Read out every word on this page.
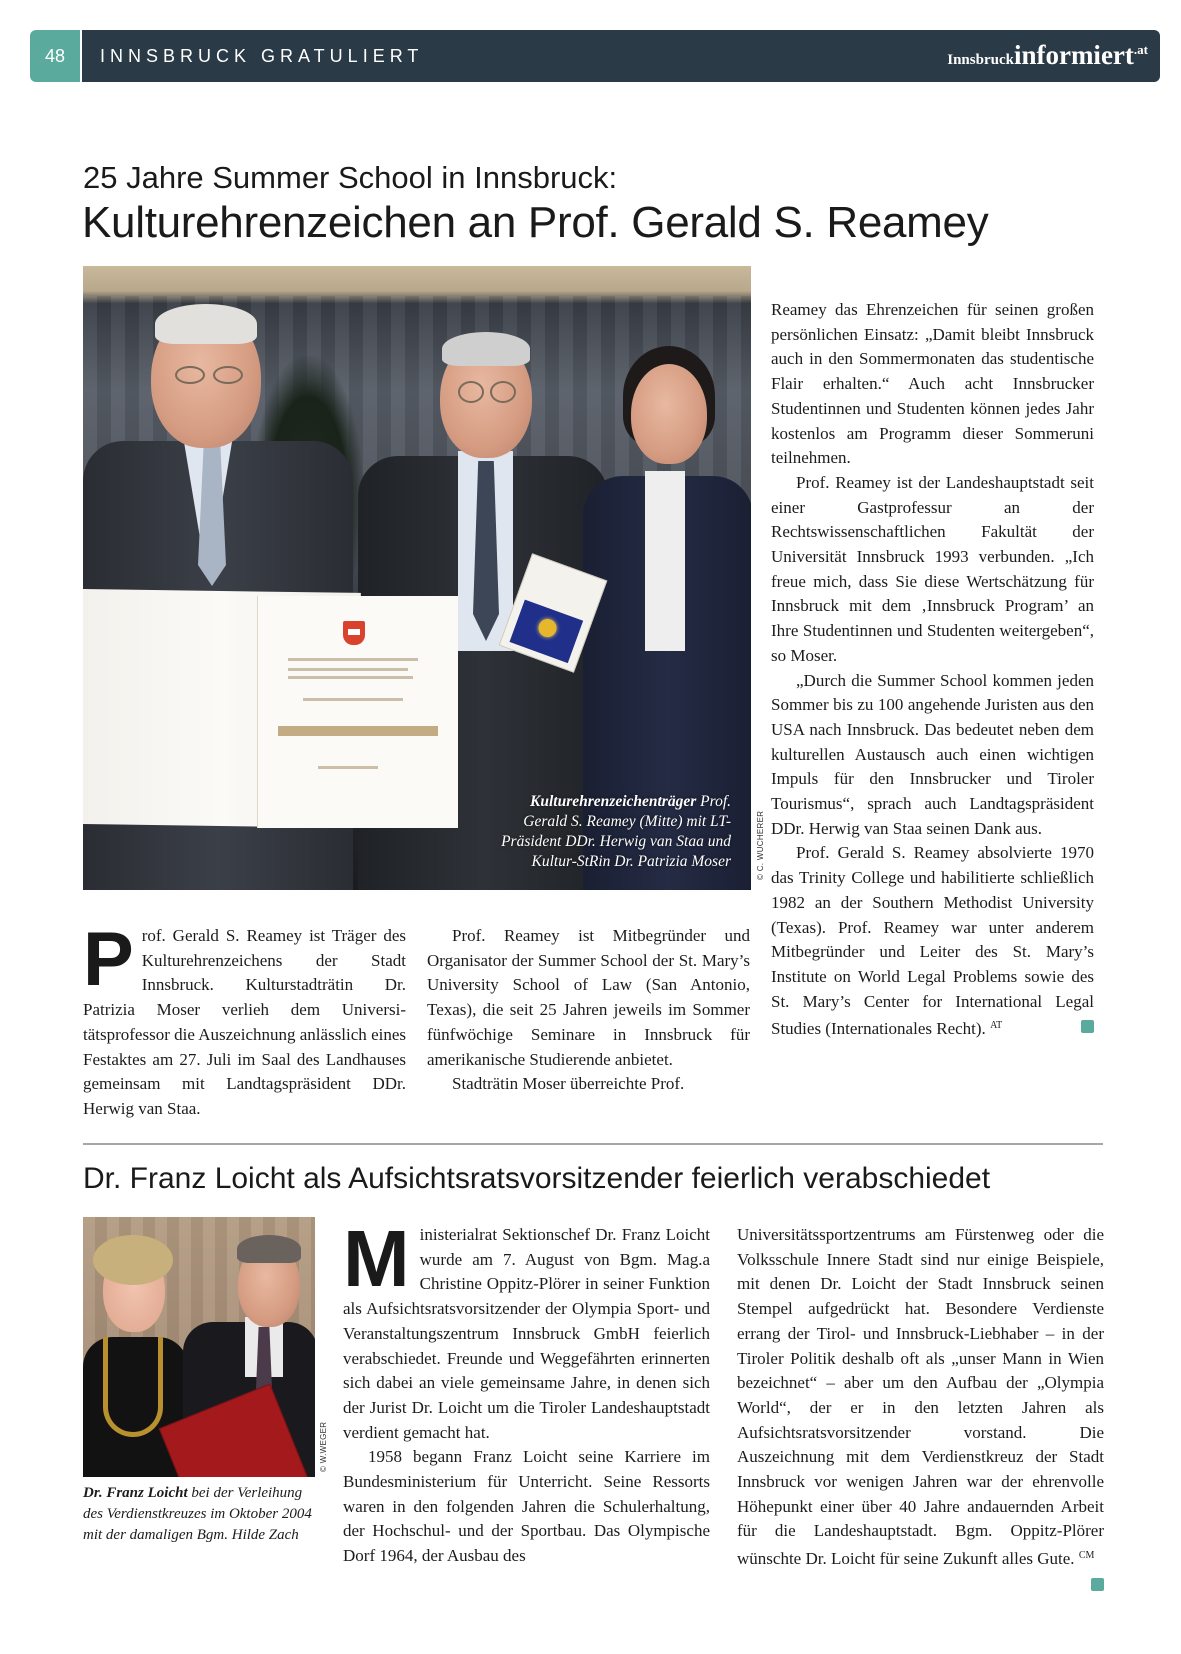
48	INNSBRUCK GRATULIERT	Innsbruckinformiert$^{.at}$
25 Jahre Summer School in Innsbruck:
Kulturehrenzeichen an Prof. Gerald S. Reamey
Kulturehrenzeichenträger Prof.
Gerald S. Reamey (Mitte) mit LT-
Präsident DDr. Herwig van Staa und
Kultur-StRin Dr. Patrizia Moser	© C. WUCHERER

Prof. Gerald S. Reamey ist Träger des Kulturehrenzeichens der Stadt Innsbruck. Kulturstadträtin Dr. Patrizia Moser verlieh dem Universitätsprofessor die Auszeichnung anlässlich eines Festaktes am 27. Juli im Saal des Landhauses gemeinsam mit Landtagspräsident DDr. Herwig van Staa.

Prof. Reamey ist Mitbegründer und Organisator der Summer School der St. Mary’s University School of Law (San Antonio, Texas), die seit 25 Jahren jeweils im Sommer fünfwöchige Seminare in Innsbruck für amerikanische Studierende anbietet.

Stadträtin Moser überreichte Prof.

Reamey das Ehrenzeichen für seinen großen persönlichen Einsatz: „Damit bleibt Innsbruck auch in den Sommermonaten das studentische Flair erhalten.“ Auch acht Innsbrucker Studentinnen und Studenten können jedes Jahr kostenlos am Programm dieser Sommeruni teilnehmen.

Prof. Reamey ist der Landeshauptstadt seit einer Gastprofessur an der Rechtswissenschaftlichen Fakultät der Universität Innsbruck 1993 verbunden. „Ich freue mich, dass Sie diese Wertschätzung für Innsbruck mit dem ‚Innsbruck Program’ an Ihre Studentinnen und Studenten weitergeben“, so Moser.

„Durch die Summer School kommen jeden Sommer bis zu 100 angehende Juristen aus den USA nach Innsbruck. Das bedeutet neben dem kulturellen Austausch auch einen wichtigen Impuls für den Innsbrucker und Tiroler Tourismus“, sprach auch Landtagspräsident DDr. Herwig van Staa seinen Dank aus.

Prof. Gerald S. Reamey absolvierte 1970 das Trinity College und habilitierte schließlich 1982 an der Southern Methodist University (Texas). Prof. Reamey war unter anderem Mitbegründer und Leiter des St. Mary’s Institute on World Legal Problems sowie des St. Mary’s Center for International Legal Studies (Internationales Recht). $^{AT}$

Dr. Franz Loicht als Aufsichtsratsvorsitzender feierlich verabschiedet
© W.WEGER
Dr. Franz Loicht bei der Verleihung des Verdienstkreuzes im Oktober 2004 mit der damaligen Bgm. Hilde Zach

Ministerialrat Sektionschef Dr. Franz Loicht wurde am 7. August von Bgm. Mag.a Christine Oppitz-Plörer in seiner Funktion als Aufsichtsratsvorsitzender der Olympia Sport- und Veranstaltungszentrum Innsbruck GmbH feierlich verabschiedet. Freunde und Weggefährten erinnerten sich dabei an viele gemeinsame Jahre, in denen sich der Jurist Dr. Loicht um die Tiroler Landeshauptstadt verdient gemacht hat.

1958 begann Franz Loicht seine Karriere im Bundesministerium für Unterricht. Seine Ressorts waren in den folgenden Jahren die Schulerhaltung, der Hochschul- und der Sportbau. Das Olympische Dorf 1964, der Ausbau des

Universitätssportzentrums am Fürstenweg oder die Volksschule Innere Stadt sind nur einige Beispiele, mit denen Dr. Loicht der Stadt Innsbruck seinen Stempel aufgedrückt hat. Besondere Verdienste errang der Tirol- und Innsbruck-Liebhaber – in der Tiroler Politik deshalb oft als „unser Mann in Wien bezeichnet“ – aber um den Aufbau der „Olympia World“, der er in den letzten Jahren als Aufsichtsratsvorsitzender vorstand. Die Auszeichnung mit dem Verdienstkreuz der Stadt Innsbruck vor wenigen Jahren war der ehrenvolle Höhepunkt einer über 40 Jahre andauernden Arbeit für die Landeshauptstadt. Bgm. Oppitz-Plörer wünschte Dr. Loicht für seine Zukunft alles Gute. $^{CM}$
